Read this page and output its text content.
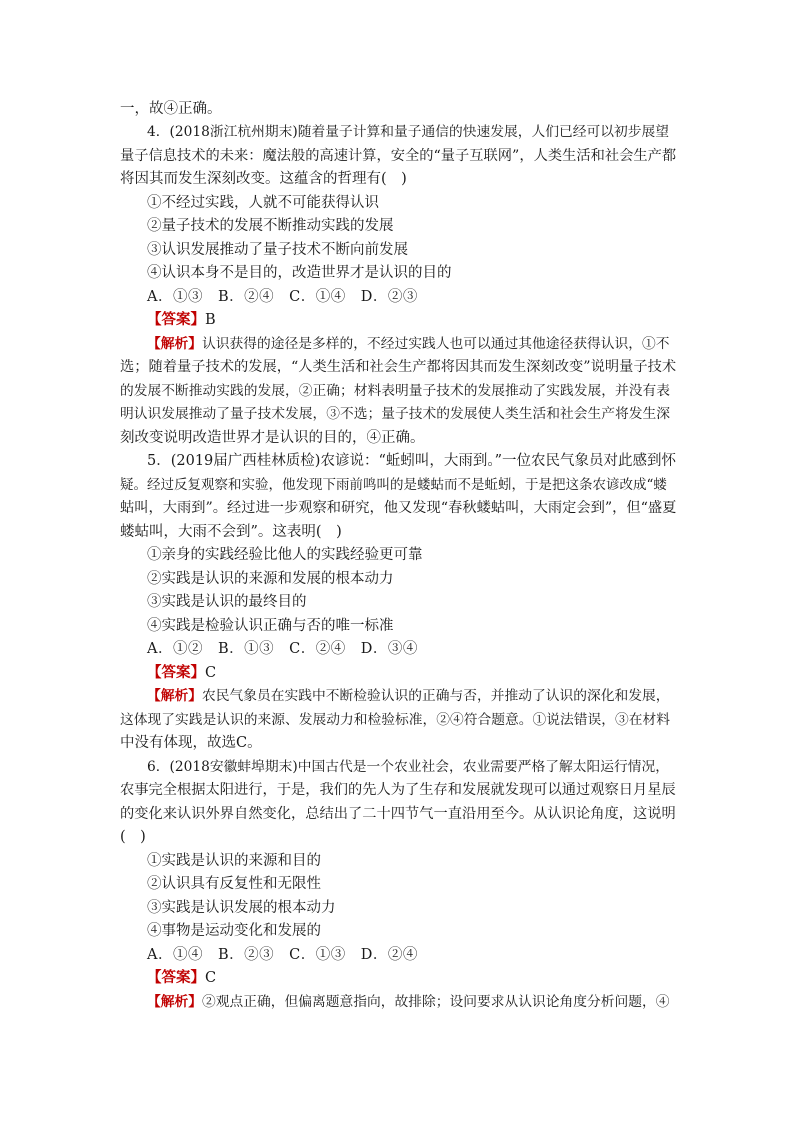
一，故④正确。
4．(2018浙江杭州期末)随着量子计算和量子通信的快速发展，人们已经可以初步展望
量子信息技术的未来：魔法般的高速计算，安全的“量子互联网”，人类生活和社会生产都
将因其而发生深刻改变。这蕴含的哲理有(　)
①不经过实践，人就不可能获得认识
②量子技术的发展不断推动实践的发展
③认识发展推动了量子技术不断向前发展
④认识本身不是目的，改造世界才是认识的目的
A．①③　B．②④　C．①④　D．②③
【答案】B
【解析】认识获得的途径是多样的，不经过实践人也可以通过其他途径获得认识，①不
选；随着量子技术的发展，“人类生活和社会生产都将因其而发生深刻改变”说明量子技术
的发展不断推动实践的发展，②正确；材料表明量子技术的发展推动了实践发展，并没有表
明认识发展推动了量子技术发展，③不选；量子技术的发展使人类生活和社会生产将发生深
刻改变说明改造世界才是认识的目的，④正确。
5．(2019届广西桂林质检)农谚说：“蚯蚓叫，大雨到。”一位农民气象员对此感到怀
疑。经过反复观察和实验，他发现下雨前鸣叫的是蝼蛄而不是蚯蚓，于是把这条农谚改成“蝼
蛄叫，大雨到”。经过进一步观察和研究，他又发现“春秋蝼蛄叫，大雨定会到”，但“盛夏
蝼蛄叫，大雨不会到”。这表明(　)
①亲身的实践经验比他人的实践经验更可靠
②实践是认识的来源和发展的根本动力
③实践是认识的最终目的
④实践是检验认识正确与否的唯一标准
A．①②　B．①③　C．②④　D．③④
【答案】C
【解析】农民气象员在实践中不断检验认识的正确与否，并推动了认识的深化和发展，
这体现了实践是认识的来源、发展动力和检验标准，②④符合题意。①说法错误，③在材料
中没有体现，故选C。
6．(2018安徽蚌埠期末)中国古代是一个农业社会，农业需要严格了解太阳运行情况，
农事完全根据太阳进行，于是，我们的先人为了生存和发展就发现可以通过观察日月星辰
的变化来认识外界自然变化，总结出了二十四节气一直沿用至今。从认识论角度，这说明
(　)
①实践是认识的来源和目的
②认识具有反复性和无限性
③实践是认识发展的根本动力
④事物是运动变化和发展的
A．①④　B．②③　C．①③　D．②④
【答案】C
【解析】②观点正确，但偏离题意指向，故排除；设问要求从认识论角度分析问题，④
